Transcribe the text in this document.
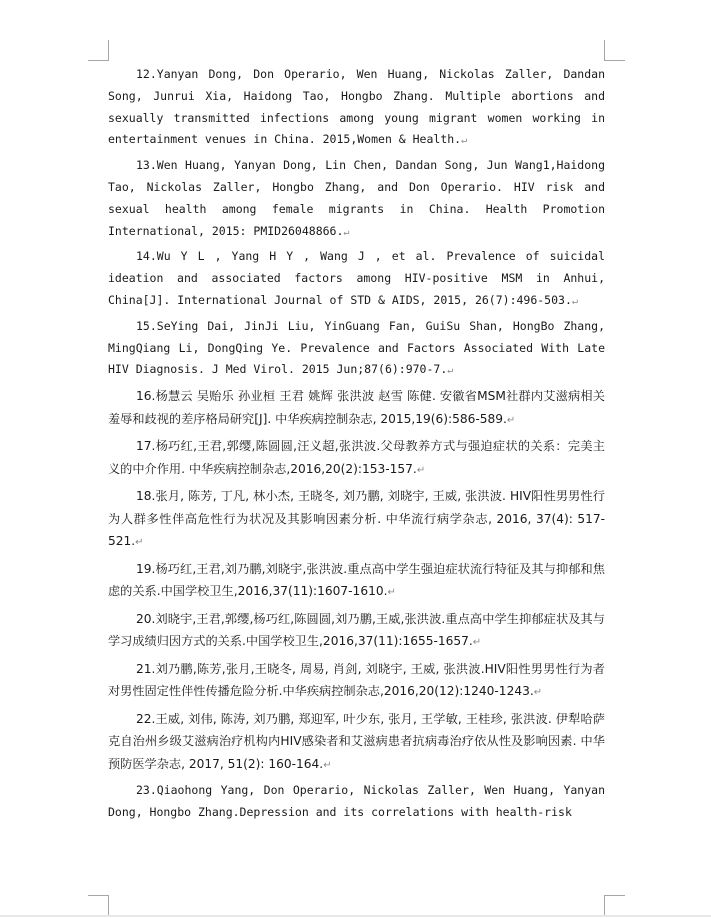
12.Yanyan Dong, Don Operario, Wen Huang, Nickolas Zaller, Dandan Song, Junrui Xia, Haidong Tao, Hongbo Zhang. Multiple abortions and sexually transmitted infections among young migrant women working in entertainment venues in China. 2015,Women & Health.↵

13.Wen Huang, Yanyan Dong, Lin Chen, Dandan Song, Jun Wang1,Haidong Tao, Nickolas Zaller, Hongbo Zhang, and Don Operario. HIV risk and sexual health among female migrants in China. Health Promotion International, 2015: PMID26048866.↵

14.Wu Y L , Yang H Y , Wang J , et al. Prevalence of suicidal ideation and associated factors among HIV-positive MSM in Anhui, China[J]. International Journal of STD & AIDS, 2015, 26(7):496-503.↵

15.SeYing Dai, JinJi Liu, YinGuang Fan, GuiSu Shan, HongBo Zhang, MingQiang Li, DongQing Ye. Prevalence and Factors Associated With Late HIV Diagnosis. J Med Virol. 2015 Jun;87(6):970-7.↵

16.杨慧云 吴贻乐 孙业桓 王君 姚辉 张洪波 赵雪 陈健. 安徽省MSM社群内艾滋病相关羞辱和歧视的差序格局研究[J]. 中华疾病控制杂志, 2015,19(6):586-589.↵

17.杨巧红,王君,郭缨,陈圆圆,汪义超,张洪波.父母教养方式与强迫症状的关系：完美主义的中介作用. 中华疾病控制杂志,2016,20(2):153-157.↵

18.张月, 陈芳, 丁凡, 林小杰, 王晓冬, 刘乃鹏, 刘晓宇, 王威, 张洪波. HIV阳性男男性行为人群多性伴高危性行为状况及其影响因素分析. 中华流行病学杂志, 2016, 37(4): 517-521.↵

19.杨巧红,王君,刘乃鹏,刘晓宇,张洪波.重点高中学生强迫症状流行特征及其与抑郁和焦虑的关系.中国学校卫生,2016,37(11):1607-1610.↵

20.刘晓宇,王君,郭缨,杨巧红,陈圆圆,刘乃鹏,王威,张洪波.重点高中学生抑郁症状及其与学习成绩归因方式的关系.中国学校卫生,2016,37(11):1655-1657.↵

21.刘乃鹏,陈芳,张月,王晓冬, 周易, 肖剑, 刘晓宇, 王威, 张洪波.HIV阳性男男性行为者对男性固定性伴性传播危险分析.中华疾病控制杂志,2016,20(12):1240-1243.↵

22.王威, 刘伟, 陈涛, 刘乃鹏, 郑迎军, 叶少东, 张月, 王学敏, 王桂珍, 张洪波. 伊犁哈萨克自治州乡级艾滋病治疗机构内HIV感染者和艾滋病患者抗病毒治疗依从性及影响因素. 中华预防医学杂志, 2017, 51(2): 160-164.↵

23.Qiaohong Yang, Don Operario, Nickolas Zaller, Wen Huang, Yanyan Dong, Hongbo Zhang.Depression and its correlations with health-risk
